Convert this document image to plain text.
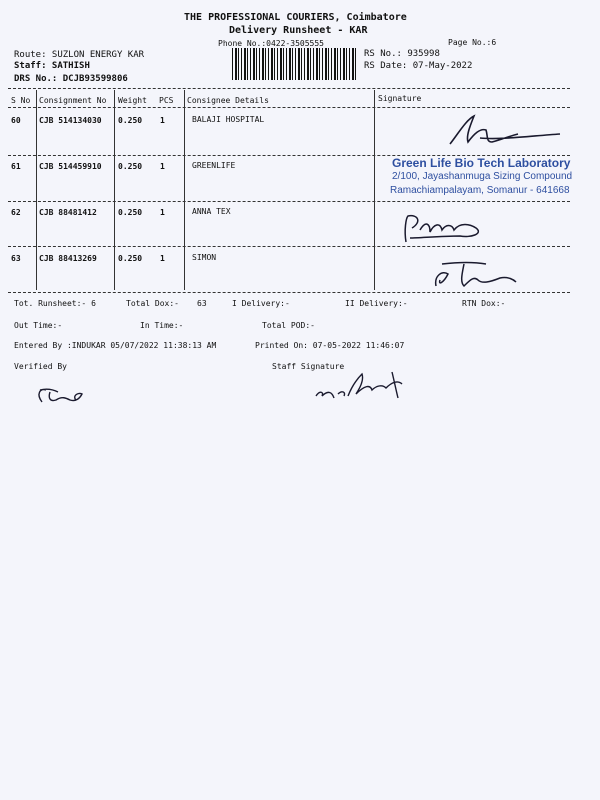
THE PROFESSIONAL COURIERS, Coimbatore
Delivery Runsheet - KAR
Phone No.:0422-3505555	Page No.:6
Route: SUZLON ENERGY KAR
Staff: SATHISH
DRS No.: DCJB93599806
RS No.: 935998
RS Date: 07-May-2022
S No Consignment No Weight PCS Consignee Details	Signature
60 CJB 514134030 0.250 1	BALAJI HOSPITAL
61 CJB 514459910 0.250 1	GREENLIFE
62 CJB 88481412	0.250 1	ANNA TEX
63 CJB 88413269	0.250 1	SIMON
Green Life Bio Tech Laboratory
2/100, Jayashanmuga Sizing Compound
Ramachiampalayam, Somanur - 641668
Tot. Runsheet:- 6	Total Dox:- 63	I Delivery:-	II Delivery:-	RTN Dox:-
Out Time:-	In Time:-	Total POD:-
Entered By :INDUKAR 05/07/2022 11:38:13 AM	Printed On: 07-05-2022 11:46:07
Verified By	Staff Signature
